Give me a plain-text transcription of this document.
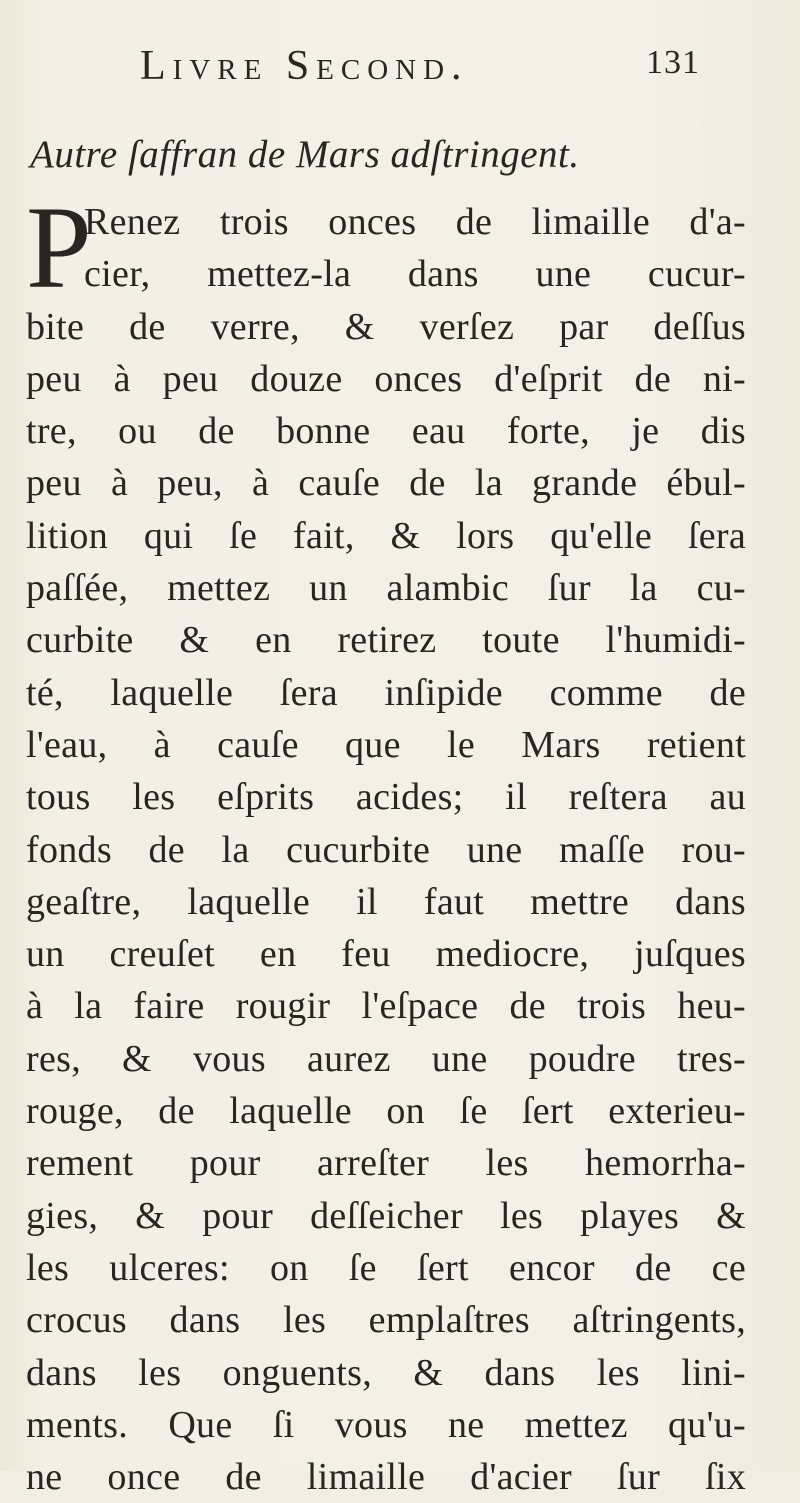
Livre Second.	131
Autre ſaffran de Mars adſtringent.
P
Renez trois onces de limaille d'a-
cier, mettez-la dans une cucur-
bite de verre, & verſez par deſſus
peu à peu douze onces d'eſprit de ni-
tre, ou de bonne eau forte, je dis
peu à peu, à cauſe de la grande ébul-
lition qui ſe fait, & lors qu'elle ſera
paſſée, mettez un alambic ſur la cu-
curbite & en retirez toute l'humidi-
té, laquelle ſera inſipide comme de
l'eau, à cauſe que le Mars retient
tous les eſprits acides; il reſtera au
fonds de la cucurbite une maſſe rou-
geaſtre, laquelle il faut mettre dans
un creuſet en feu mediocre, juſques
à la faire rougir l'eſpace de trois heu-
res, & vous aurez une poudre tres-
rouge, de laquelle on ſe ſert exterieu-
rement pour arreſter les hemorrha-
gies, & pour deſſeicher les playes &
les ulceres: on ſe ſert encor de ce
crocus dans les emplaſtres aſtringents,
dans les onguents, & dans les lini-
ments. Que ſi vous ne mettez qu'u-
ne once de limaille d'acier ſur ſix
